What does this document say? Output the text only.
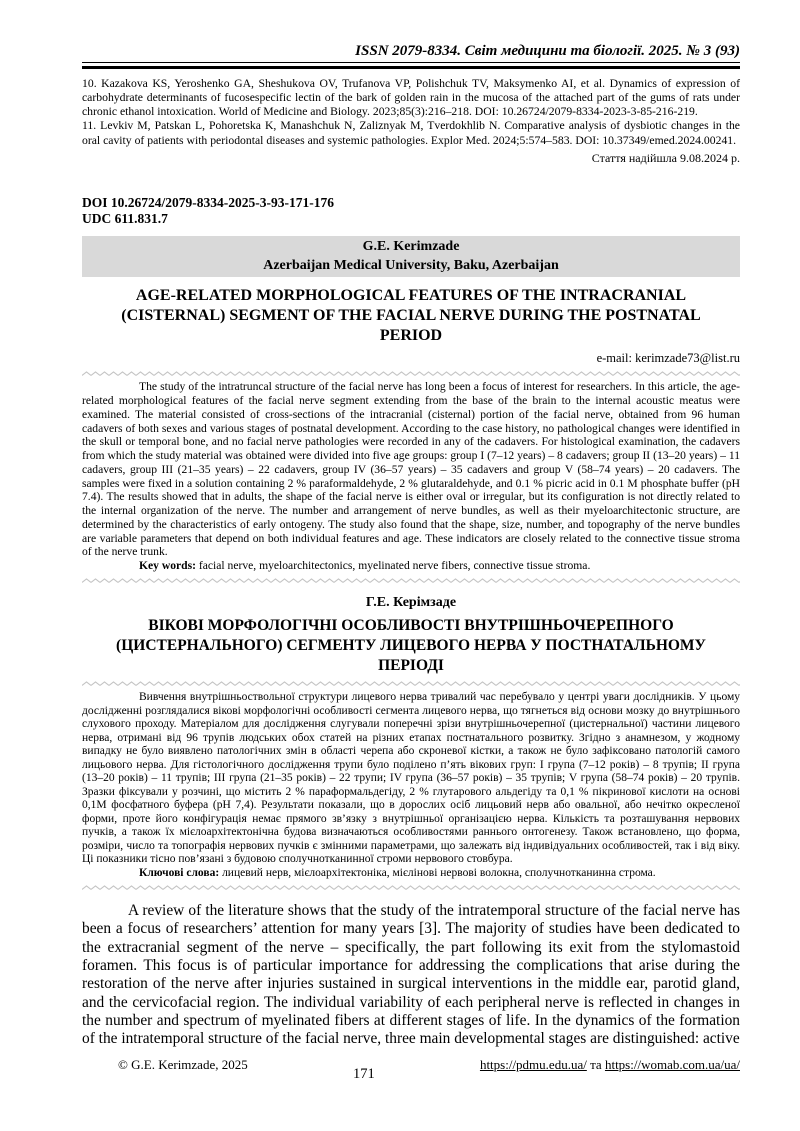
ISSN 2079-8334. Світ медицини та біології. 2025. № 3 (93)

10. Kazakova KS, Yeroshenko GA, Sheshukova OV, Trufanova VP, Polishchuk TV, Maksymenko AI, et al. Dynamics of expression of carbohydrate determinants of fucosespecific lectin of the bark of golden rain in the mucosa of the attached part of the gums of rats under chronic ethanol intoxication. World of Medicine and Biology. 2023;85(3):216–218. DOI: 10.26724/2079-8334-2023-3-85-216-219.

11. Levkiv M, Patskan L, Pohoretska K, Manashchuk N, Zaliznyak M, Tverdokhlib N. Comparative analysis of dysbiotic changes in the oral cavity of patients with periodontal diseases and systemic pathologies. Explor Med. 2024;5:574–583. DOI: 10.37349/emed.2024.00241.

Стаття надійшла 9.08.2024 р.
DOI 10.26724/2079-8334-2025-3-93-171-176
UDC 611.831.7
G.E. Kerimzade
Azerbaijan Medical University, Baku, Azerbaijan
AGE-RELATED MORPHOLOGICAL FEATURES OF THE INTRACRANIAL (CISTERNAL) SEGMENT OF THE FACIAL NERVE DURING THE POSTNATAL PERIOD
e-mail: kerimzade73@list.ru

The study of the intratruncal structure of the facial nerve has long been a focus of interest for researchers. In this article, the age-related morphological features of the facial nerve segment extending from the base of the brain to the internal acoustic meatus were examined. The material consisted of cross-sections of the intracranial (cisternal) portion of the facial nerve, obtained from 96 human cadavers of both sexes and various stages of postnatal development. According to the case history, no pathological changes were identified in the skull or temporal bone, and no facial nerve pathologies were recorded in any of the cadavers. For histological examination, the cadavers from which the study material was obtained were divided into five age groups: group I (7–12 years) – 8 cadavers; group II (13–20 years) – 11 cadavers, group III (21–35 years) – 22 cadavers, group IV (36–57 years) – 35 cadavers and group V (58–74 years) – 20 cadavers. The samples were fixed in a solution containing 2 % paraformaldehyde, 2 % glutaraldehyde, and 0.1 % picric acid in 0.1 M phosphate buffer (pH 7.4). The results showed that in adults, the shape of the facial nerve is either oval or irregular, but its configuration is not directly related to the internal organization of the nerve. The number and arrangement of nerve bundles, as well as their myeloarchitectonic structure, are determined by the characteristics of early ontogeny. The study also found that the shape, size, number, and topography of the nerve bundles are variable parameters that depend on both individual features and age. These indicators are closely related to the connective tissue stroma of the nerve trunk.

Key words: facial nerve, myeloarchitectonics, myelinated nerve fibers, connective tissue stroma.

Г.Е. Керімзаде
ВІКОВІ МОРФОЛОГІЧНІ ОСОБЛИВОСТІ ВНУТРІШНЬОЧЕРЕПНОГО (ЦИСТЕРНАЛЬНОГО) СЕГМЕНТУ ЛИЦЕВОГО НЕРВА У ПОСТНАТАЛЬНОМУ ПЕРІОДІ

Вивчення внутрішньоствольної структури лицевого нерва тривалий час перебувало у центрі уваги дослідників. У цьому дослідженні розглядалися вікові морфологічні особливості сегмента лицевого нерва, що тягнеться від основи мозку до внутрішнього слухового проходу. Матеріалом для дослідження слугували поперечні зрізи внутрішньочерепної (цистернальної) частини лицевого нерва, отримані від 96 трупів людських обох статей на різних етапах постнатального розвитку. Згідно з анамнезом, у жодному випадку не було виявлено патологічних змін в області черепа або скроневої кістки, а також не було зафіксовано патологій самого лицьового нерва. Для гістологічного дослідження трупи було поділено п’ять вікових груп: I група (7–12 років) – 8 трупів; II група (13–20 років) – 11 трупів; III група (21–35 років) – 22 трупи; IV група (36–57 років) – 35 трупів; V група (58–74 років) – 20 трупів. Зразки фіксували у розчині, що містить 2 % параформальдегіду, 2 % глутарового альдегіду та 0,1 % пікринової кислоти на основі 0,1М фосфатного буфера (pH 7,4). Результати показали, що в дорослих осіб лицьовий нерв або овальної, або нечітко окресленої форми, проте його конфігурація немає прямого зв’язку з внутрішньої організацією нерва. Кількість та розташування нервових пучків, а також їх мієлоархітектонічна будова визначаються особливостями раннього онтогенезу. Також встановлено, що форма, розміри, число та топографія нервових пучків є змінними параметрами, що залежать від індивідуальних особливостей, так і від віку. Ці показники тісно пов’язані з будовою сполучнотканинної строми нервового стовбура.

Ключові слова: лицевий нерв, мієлоархітектоніка, мієлінові нервові волокна, сполучнотканинна строма.

A review of the literature shows that the study of the intratemporal structure of the facial nerve has been a focus of researchers’ attention for many years [3]. The majority of studies have been dedicated to the extracranial segment of the nerve – specifically, the part following its exit from the stylomastoid foramen. This focus is of particular importance for addressing the complications that arise during the restoration of the nerve after injuries sustained in surgical interventions in the middle ear, parotid gland, and the cervicofacial region. The individual variability of each peripheral nerve is reflected in changes in the number and spectrum of myelinated fibers at different stages of life. In the dynamics of the formation of the intratemporal structure of the facial nerve, three main developmental stages are distinguished: active

© G.E. Kerimzade, 2025
171
https://pdmu.edu.ua/ та https://womab.com.ua/ua/
